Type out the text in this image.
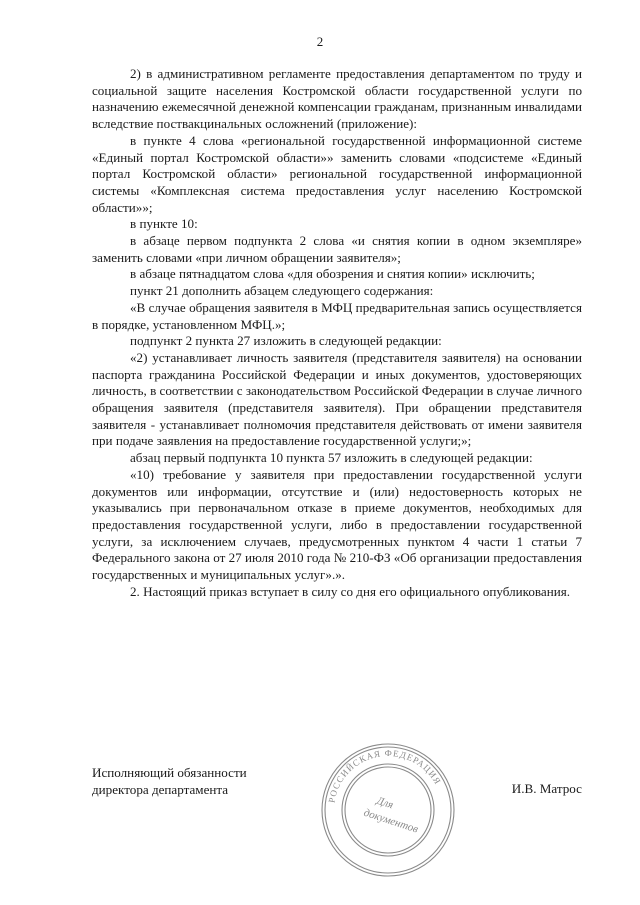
2

2) в административном регламенте предоставления департаментом по труду и социальной защите населения Костромской области государственной услуги по назначению ежемесячной денежной компенсации гражданам, признанным инвалидами вследствие поствакцинальных осложнений (приложение):

в пункте 4 слова «региональной государственной информационной системе «Единый портал Костромской области»» заменить словами «подсистеме «Единый портал Костромской области» региональной государственной информационной системы «Комплексная система предоставления услуг населению Костромской области»»;

в пункте 10:

в абзаце первом подпункта 2 слова «и снятия копии в одном экземпляре» заменить словами «при личном обращении заявителя»;

в абзаце пятнадцатом слова «для обозрения и снятия копии» исключить;

пункт 21 дополнить абзацем следующего содержания:

«В случае обращения заявителя в МФЦ предварительная запись осуществляется в порядке, установленном МФЦ.»;

подпункт 2 пункта 27 изложить в следующей редакции:

«2) устанавливает личность заявителя (представителя заявителя) на основании паспорта гражданина Российской Федерации и иных документов, удостоверяющих личность, в соответствии с законодательством Российской Федерации в случае личного обращения заявителя (представителя заявителя). При обращении представителя заявителя - устанавливает полномочия представителя действовать от имени заявителя при подаче заявления на предоставление государственной услуги;»;

абзац первый подпункта 10 пункта 57 изложить в следующей редакции:

«10) требование у заявителя при предоставлении государственной услуги документов или информации, отсутствие и (или) недостоверность которых не указывались при первоначальном отказе в приеме документов, необходимых для предоставления государственной услуги, либо в предоставлении государственной услуги, за исключением случаев, предусмотренных пунктом 4 части 1 статьи 7 Федерального закона от 27 июля 2010 года № 210-ФЗ «Об организации предоставления государственных и муниципальных услуг».».

2. Настоящий приказ вступает в силу со дня его официального опубликования.

РОССИЙСКАЯ ФЕДЕРАЦИЯ
Для
документов
Исполняющий обязанности
директора департамента	И.В. Матрос
